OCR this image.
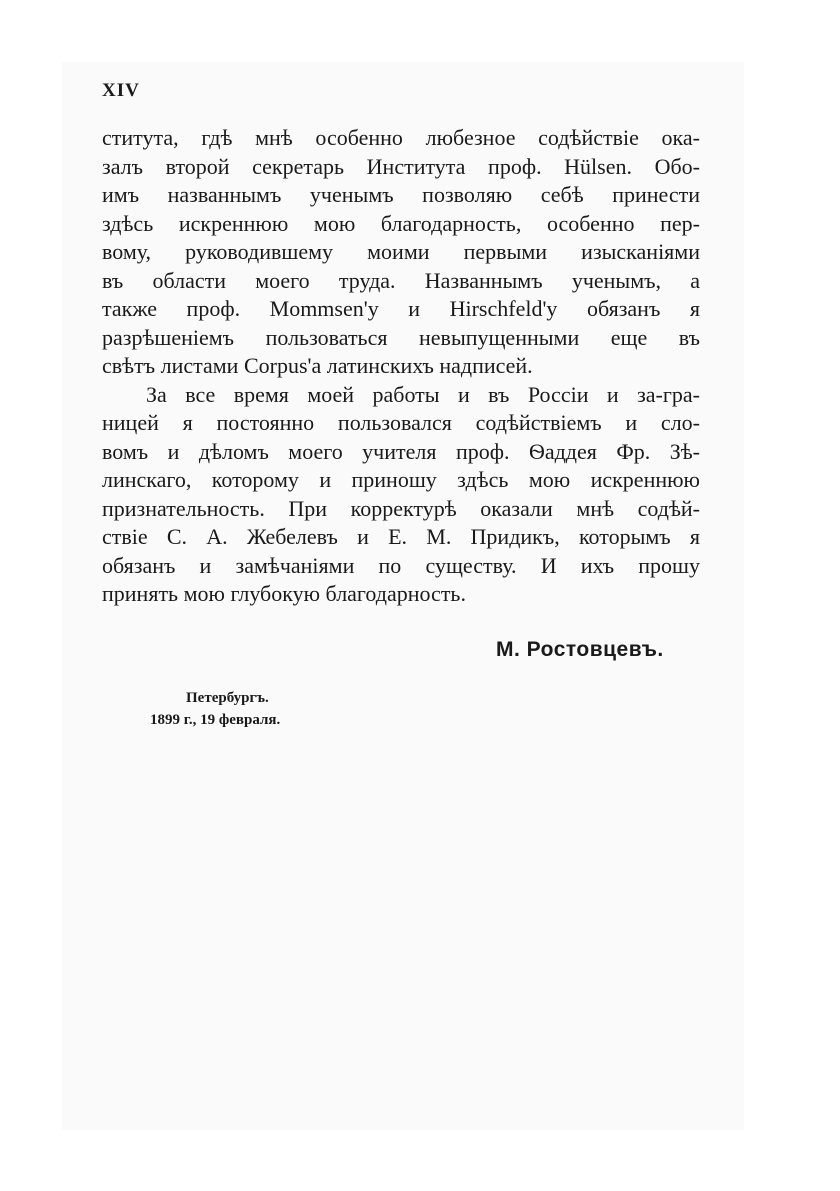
XIV
ститута, гдѣ мнѣ особенно любезное содѣйствіе ока-
залъ второй секретарь Института проф. Hülsen. Обо-
имъ названнымъ ученымъ позволяю себѣ принести
здѣсь искреннюю мою благодарность, особенно пер-
вому, руководившему моими первыми изысканіями
въ области моего труда. Названнымъ ученымъ, а
также проф. Mommsen'у и Hirschfeld'у обязанъ я
разрѣшеніемъ пользоваться невыпущенными еще въ
свѣтъ листами Corpus'a латинскихъ надписей.
За все время моей работы и въ Россіи и за-гра-
ницей я постоянно пользовался содѣйствіемъ и сло-
вомъ и дѣломъ моего учителя проф. Ѳаддея Фр. Зѣ-
линскаго, которому и приношу здѣсь мою искреннюю
признательность. При корректурѣ оказали мнѣ содѣй-
ствіе С. А. Жебелевъ и Е. М. Придикъ, которымъ я
обязанъ и замѣчаніями по существу. И ихъ прошу
принять мою глубокую благодарность.
М. Ростовцевъ.
Петербургъ.
1899 г., 19 февраля.
